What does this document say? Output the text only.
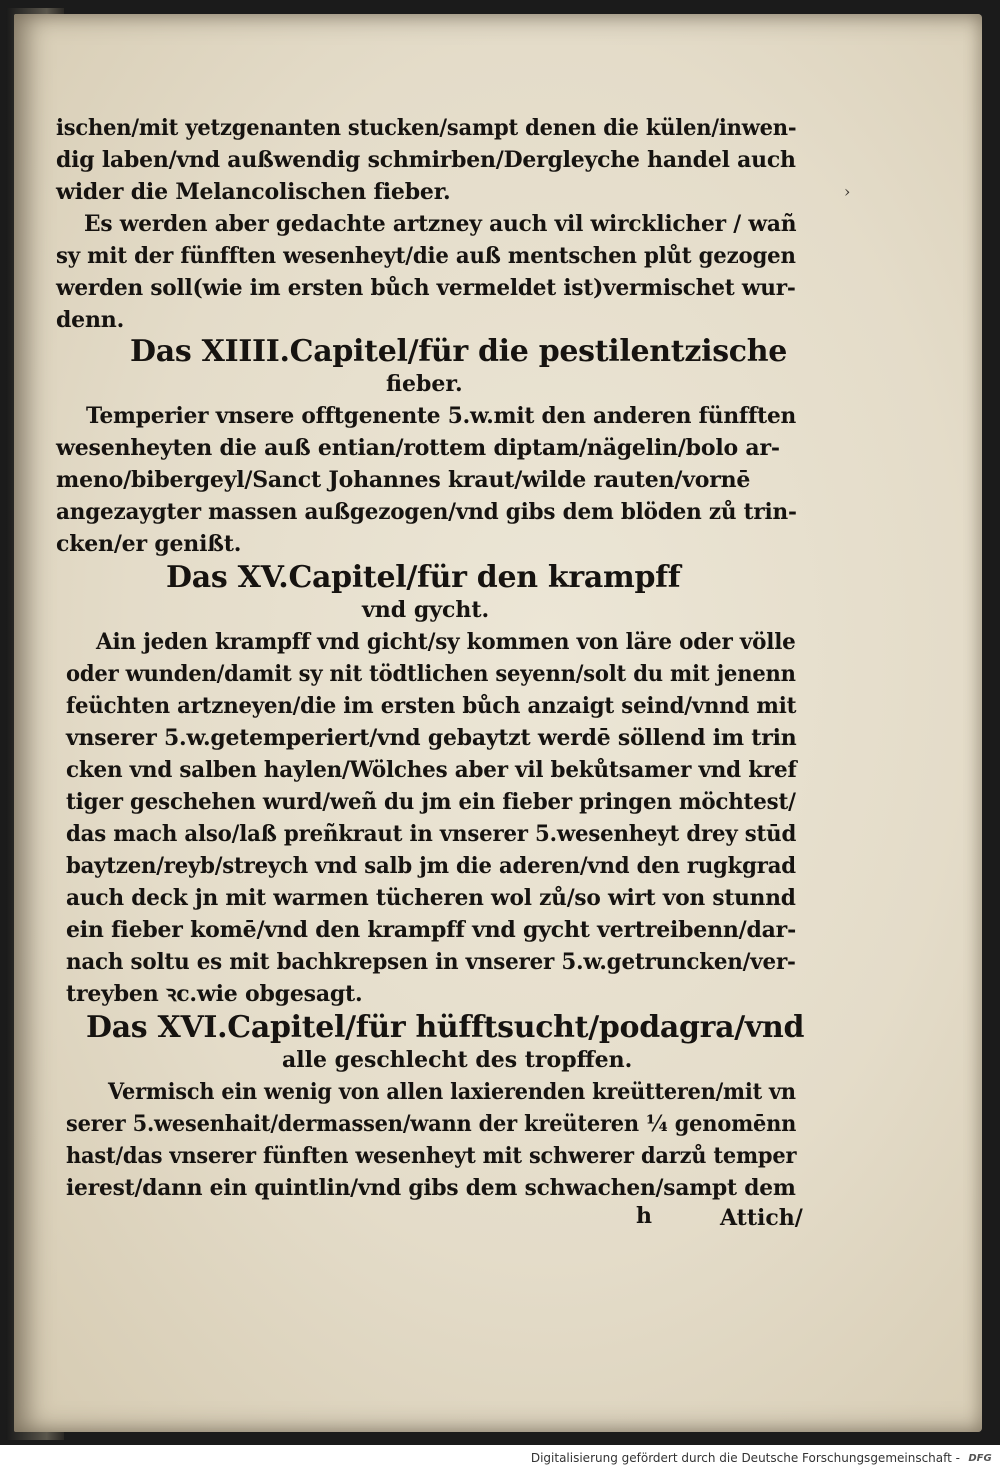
ischen/mit yetzgenanten stucken/sampt denen die külen/inwen-
dig laben/vnd außwendig schmirben/Dergleyche handel auch
wider die Melancolischen fieber.
Es werden aber gedachte artzney auch vil wircklicher / wañ
sy mit der fünfften wesenheyt/die auß mentschen plůt gezogen
werden soll(wie im ersten bůch vermeldet ist)vermischet wur-
denn.
Das XIIII.Capitel/für die pestilentzische
fieber.
Temperier vnsere offtgenente 5.w.mit den anderen fünfften
wesenheyten die auß entian/rottem diptam/nägelin/bolo ar-
meno/bibergeyl/Sanct Johannes kraut/wilde rauten/vornē
angezaygter massen außgezogen/vnd gibs dem blöden zů trin-
cken/er genißt.
Das XV.Capitel/für den krampff
vnd gycht.
Ain jeden krampff vnd gicht/sy kommen von läre oder völle
oder wunden/damit sy nit tödtlichen seyenn/solt du mit jenenn
feüchten artzneyen/die im ersten bůch anzaigt seind/vnnd mit
vnserer 5.w.getemperiert/vnd gebaytzt werdē söllend im trin
cken vnd salben haylen/Wölches aber vil bekůtsamer vnd kref
tiger geschehen wurd/weñ du jm ein fieber pringen möchtest/
das mach also/laß preñkraut in vnserer 5.wesenheyt drey stūd
baytzen/reyb/streych vnd salb jm die aderen/vnd den rugkgrad
auch deck jn mit warmen tücheren wol zů/so wirt von stunnd
ein fieber komē/vnd den krampff vnd gycht vertreibenn/dar-
nach soltu es mit bachkrepsen in vnserer 5.w.getruncken/ver-
treyben ꝛc.wie obgesagt.
Das XVI.Capitel/für hüfftsucht/podagra/vnd
alle geschlecht des tropffen.
Vermisch ein wenig von allen laxierenden kreütteren/mit vn
serer 5.wesenhait/dermassen/wann der kreüteren ¼ genomēnn
hast/das vnserer fünften wesenheyt mit schwerer darzů temper
ierest/dann ein quintlin/vnd gibs dem schwachen/sampt dem
h	Attich/
›
Digitalisierung gefördert durch die Deutsche Forschungsgemeinschaft - DFG
